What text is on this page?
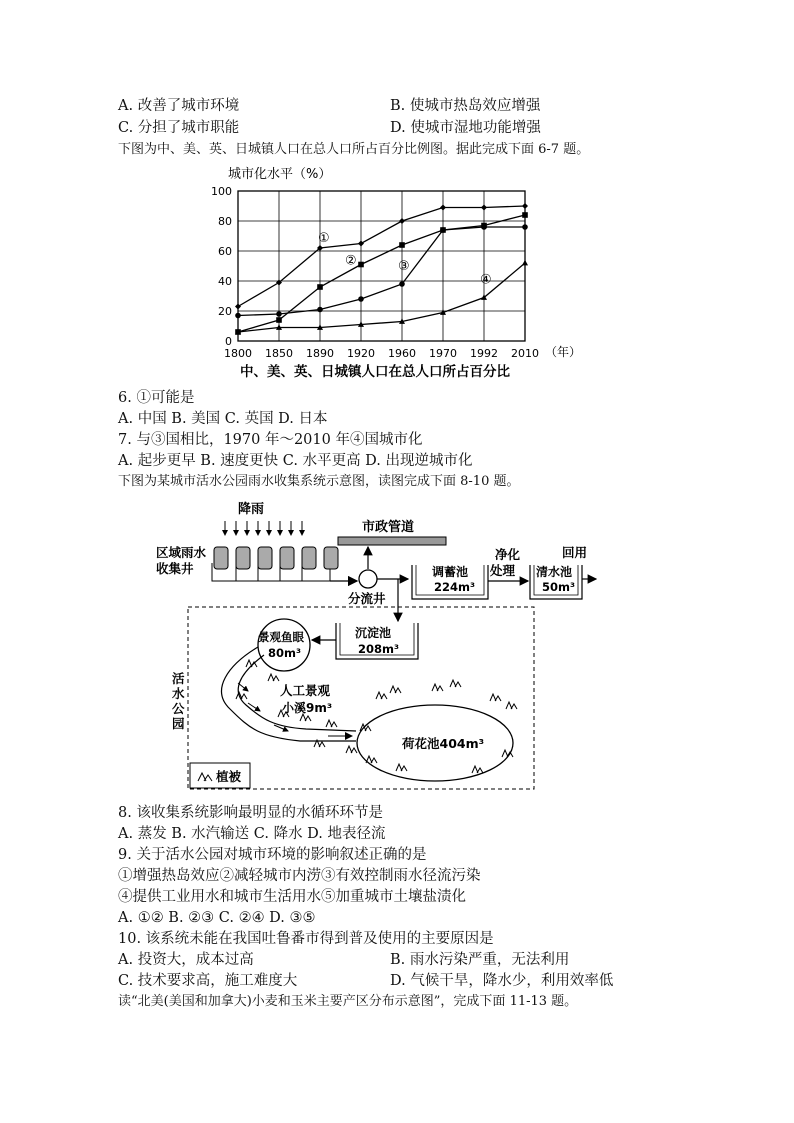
A. 改善了城市环境	B. 使城市热岛效应增强
C. 分担了城市职能	D. 使城市湿地功能增强
下图为中、美、英、日城镇人口在总人口所占百分比例图。据此完成下面 6-7 题。
城市化水平（%）
0
20
40
60
80
100
1800 1850 1890 1920 1960 1970 1992 2010
①
②	③
④
（年）
中、美、英、日城镇人口在总人口所占百分比
6. ①可能是
A. 中国 B. 美国 C. 英国 D. 日本
7. 与③国相比，1970 年～2010 年④国城市化
A. 起步更早 B. 速度更快 C. 水平更高 D. 出现逆城市化
下图为某城市活水公园雨水收集系统示意图，读图完成下面 8-10 题。
降雨
区域雨水
收集井
市政管道
分流井
调蓄池
224m³
净化
处理 清水池
50m³
回用
活水公园
沉淀池
208m³
景观鱼眼
80m³
人工景观
小溪9m³
荷花池404m³
植被
8. 该收集系统影响最明显的水循环环节是
A. 蒸发 B. 水汽输送 C. 降水 D. 地表径流
9. 关于活水公园对城市环境的影响叙述正确的是
①增强热岛效应②减轻城市内涝③有效控制雨水径流污染
④提供工业用水和城市生活用水⑤加重城市土壤盐渍化
A. ①② B. ②③ C. ②④ D. ③⑤
10. 该系统未能在我国吐鲁番市得到普及使用的主要原因是
A. 投资大，成本过高	B. 雨水污染严重，无法利用
C. 技术要求高，施工难度大	D. 气候干旱，降水少，利用效率低
读“北美(美国和加拿大)小麦和玉米主要产区分布示意图”，完成下面 11-13 题。
